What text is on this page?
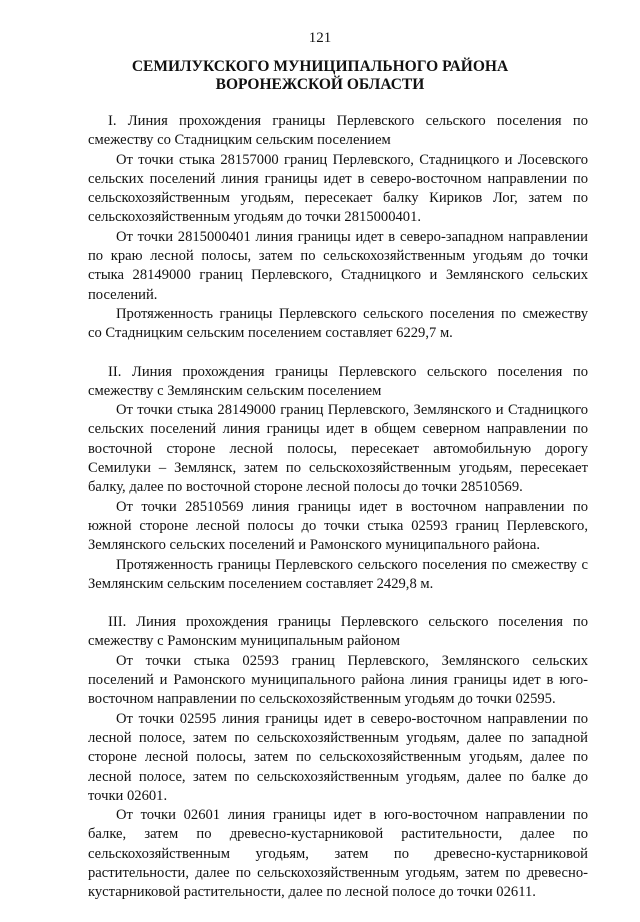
121
СЕМИЛУКСКОГО МУНИЦИПАЛЬНОГО РАЙОНА
ВОРОНЕЖСКОЙ ОБЛАСТИ

I. Линия прохождения границы Перлевского сельского поселения по смежеству со Стадницким сельским поселением

От точки стыка 28157000 границ Перлевского, Стадницкого и Лосевского сельских поселений линия границы идет в северо-восточном направлении по сельскохозяйственным угодьям, пересекает балку Кириков Лог, затем по сельскохозяйственным угодьям до точки 2815000401.

От точки 2815000401 линия границы идет в северо-западном направлении по краю лесной полосы, затем по сельскохозяйственным угодьям до точки стыка 28149000 границ Перлевского, Стадницкого и Землянского сельских поселений.

Протяженность границы Перлевского сельского поселения по смежеству со Стадницким сельским поселением составляет 6229,7 м.

II. Линия прохождения границы Перлевского сельского поселения по смежеству с Землянским сельским поселением

От точки стыка 28149000 границ Перлевского, Землянского и Стадницкого сельских поселений линия границы идет в общем северном направлении по восточной стороне лесной полосы, пересекает автомобильную дорогу Семилуки – Землянск, затем по сельскохозяйственным угодьям, пересекает балку, далее по восточной стороне лесной полосы до точки 28510569.

От точки 28510569 линия границы идет в восточном направлении по южной стороне лесной полосы до точки стыка 02593 границ Перлевского, Землянского сельских поселений и Рамонского муниципального района.

Протяженность границы Перлевского сельского поселения по смежеству с Землянским сельским поселением составляет 2429,8 м.

III. Линия прохождения границы Перлевского сельского поселения по смежеству с Рамонским муниципальным районом

От точки стыка 02593 границ Перлевского, Землянского сельских поселений и Рамонского муниципального района линия границы идет в юго-восточном направлении по сельскохозяйственным угодьям до точки 02595.

От точки 02595 линия границы идет в северо-восточном направлении по лесной полосе, затем по сельскохозяйственным угодьям, далее по западной стороне лесной полосы, затем по сельскохозяйственным угодьям, далее по лесной полосе, затем по сельскохозяйственным угодьям, далее по балке до точки 02601.

От точки 02601 линия границы идет в юго-восточном направлении по балке, затем по древесно-кустарниковой растительности, далее по сельскохозяйственным угодьям, затем по древесно-кустарниковой растительности, далее по сельскохозяйственным угодьям, затем по древесно-кустарниковой растительности, далее по лесной полосе до точки 02611.
